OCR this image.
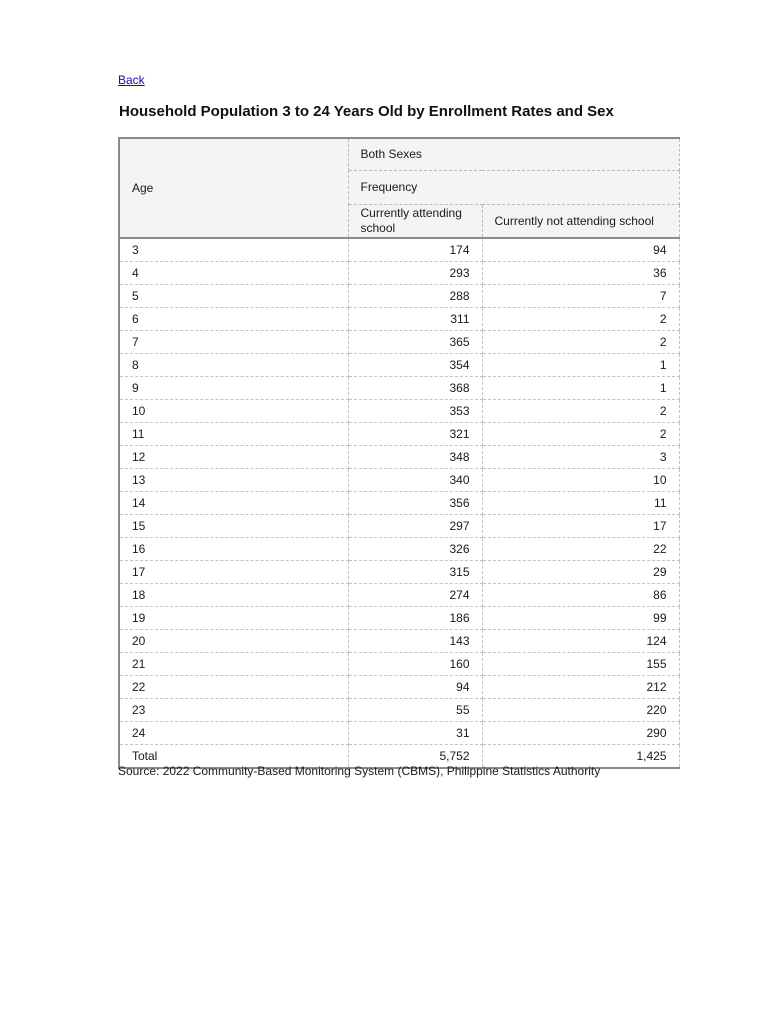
Back
Household Population 3 to 24 Years Old by Enrollment Rates and Sex
Age	Both Sexes	
	Frequency	
	Currently attending school	Currently not attending school
3	174	94
4	293	36
5	288	7
6	311	2
7	365	2
8	354	1
9	368	1
10	353	2
11	321	2
12	348	3
13	340	10
14	356	11
15	297	17
16	326	22
17	315	29
18	274	86
19	186	99
20	143	124
21	160	155
22	94	212
23	55	220
24	31	290
Total	5,752	1,425
Source: 2022 Community-Based Monitoring System (CBMS), Philippine Statistics Authority
